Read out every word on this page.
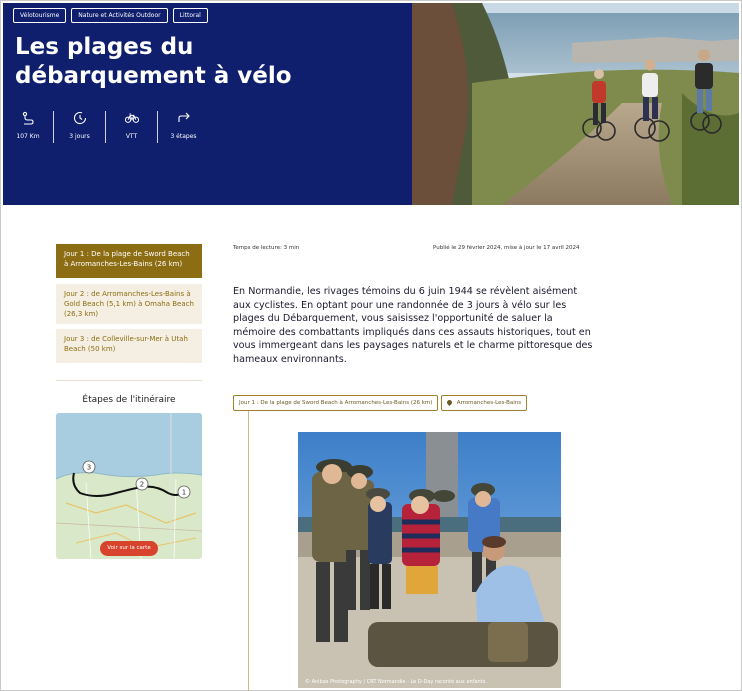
Vélotourisme	Nature et Activités Outdoor	Littoral
Les plages du débarquement à vélo
107 Km	3 jours	VTT	3 étapes
Jour 1 : De la plage de Sword Beach à Arromanches-Les-Bains (26 km)
Jour 2 : de Arromanches-Les-Bains à Gold Beach (5,1 km) à Omaha Beach (26,3 km)
Jour 3 : de Colleville-sur-Mer à Utah Beach (50 km)
Étapes de l'itinéraire
1
2
3
Voir sur la carte
Temps de lecture: 3 min	Publié le 29 février 2024, mise à jour le 17 avril 2024

En Normandie, les rivages témoins du 6 juin 1944 se révèlent aisément aux cyclistes. En optant pour une randonnée de 3 jours à vélo sur les plages du Débarquement, vous saisissez l'opportunité de saluer la mémoire des combattants impliqués dans ces assauts historiques, tout en vous immergeant dans les paysages naturels et le charme pittoresque des hameaux environnants.

Jour 1 : De la plage de Sword Beach à Arromanches-Les-Bains (26 km)	Arromanches-Les-Bains
© Anibas Photography / CRT Normandie - Le D-Day raconté aux enfants.
